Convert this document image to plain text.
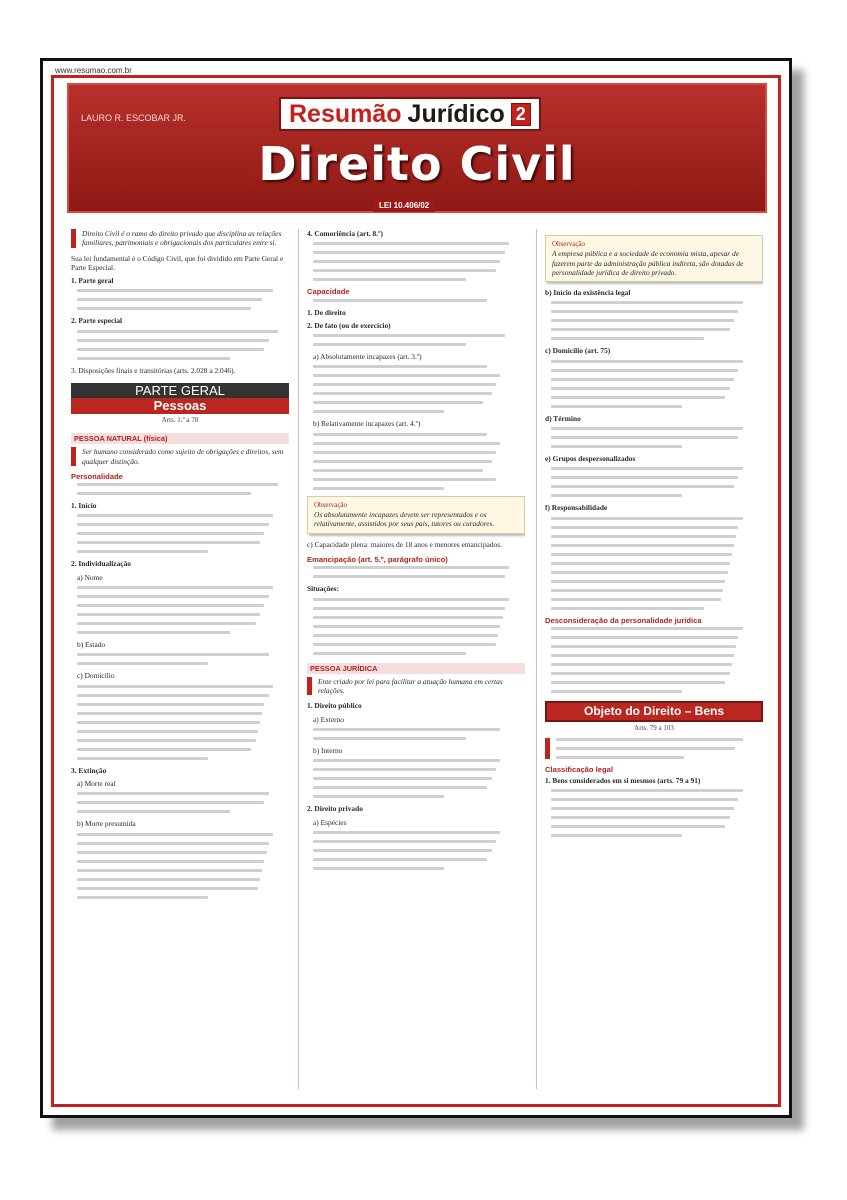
www.resumao.com.br
Resumão Jurídico 2
LAURO R. ESCOBAR JR.
Direito Civil
LEI 10.406/02

Direito Civil é o ramo do direito privado que disciplina as relações familiares, patrimoniais e obrigacionais dos particulares entre si.

Sua lei fundamental é o Código Civil, que foi dividido em Parte Geral e Parte Especial.

1. Parte geral

2. Parte especial

3. Disposições finais e transitórias (arts. 2.028 a 2.046).

PARTE GERAL
Pessoas
Arts. 1.º a 78
PESSOA NATURAL (física)

Ser humano considerado como sujeito de obrigações e direitos, sem qualquer distinção.

Personalidade

1. Início

2. Individualização

a) Nome

b) Estado

c) Domicílio

3. Extinção

a) Morte real

b) Morte presumida

4. Comoriência (art. 8.º)

Capacidade

1. De direito

2. De fato (ou de exercício)

a) Absolutamente incapazes (art. 3.º)

b) Relativamente incapazes (art. 4.º)

Observação
Os absolutamente incapazes devem ser representados e os relativamente, assistidos por seus pais, tutores ou curadores.

c) Capacidade plena: maiores de 18 anos e menores emancipados.

Emancipação (art. 5.º, parágrafo único)

Situações:

PESSOA JURÍDICA

Ente criado por lei para facilitar a atuação humana em certas relações.

1. Direito público

a) Externo

b) Interno

2. Direito privado

a) Espécies

Observação
A empresa pública e a sociedade de economia mista, apesar de fazerem parte da administração pública indireta, são dotadas de personalidade jurídica de direito privado.

b) Início da existência legal

c) Domicílio (art. 75)

d) Término

e) Grupos despersonalizados

f) Responsabilidade

Desconsideração da personalidade jurídica
Objeto do Direito – Bens
Arts. 79 a 103
Classificação legal

1. Bens considerados em si mesmos (arts. 79 a 91)
